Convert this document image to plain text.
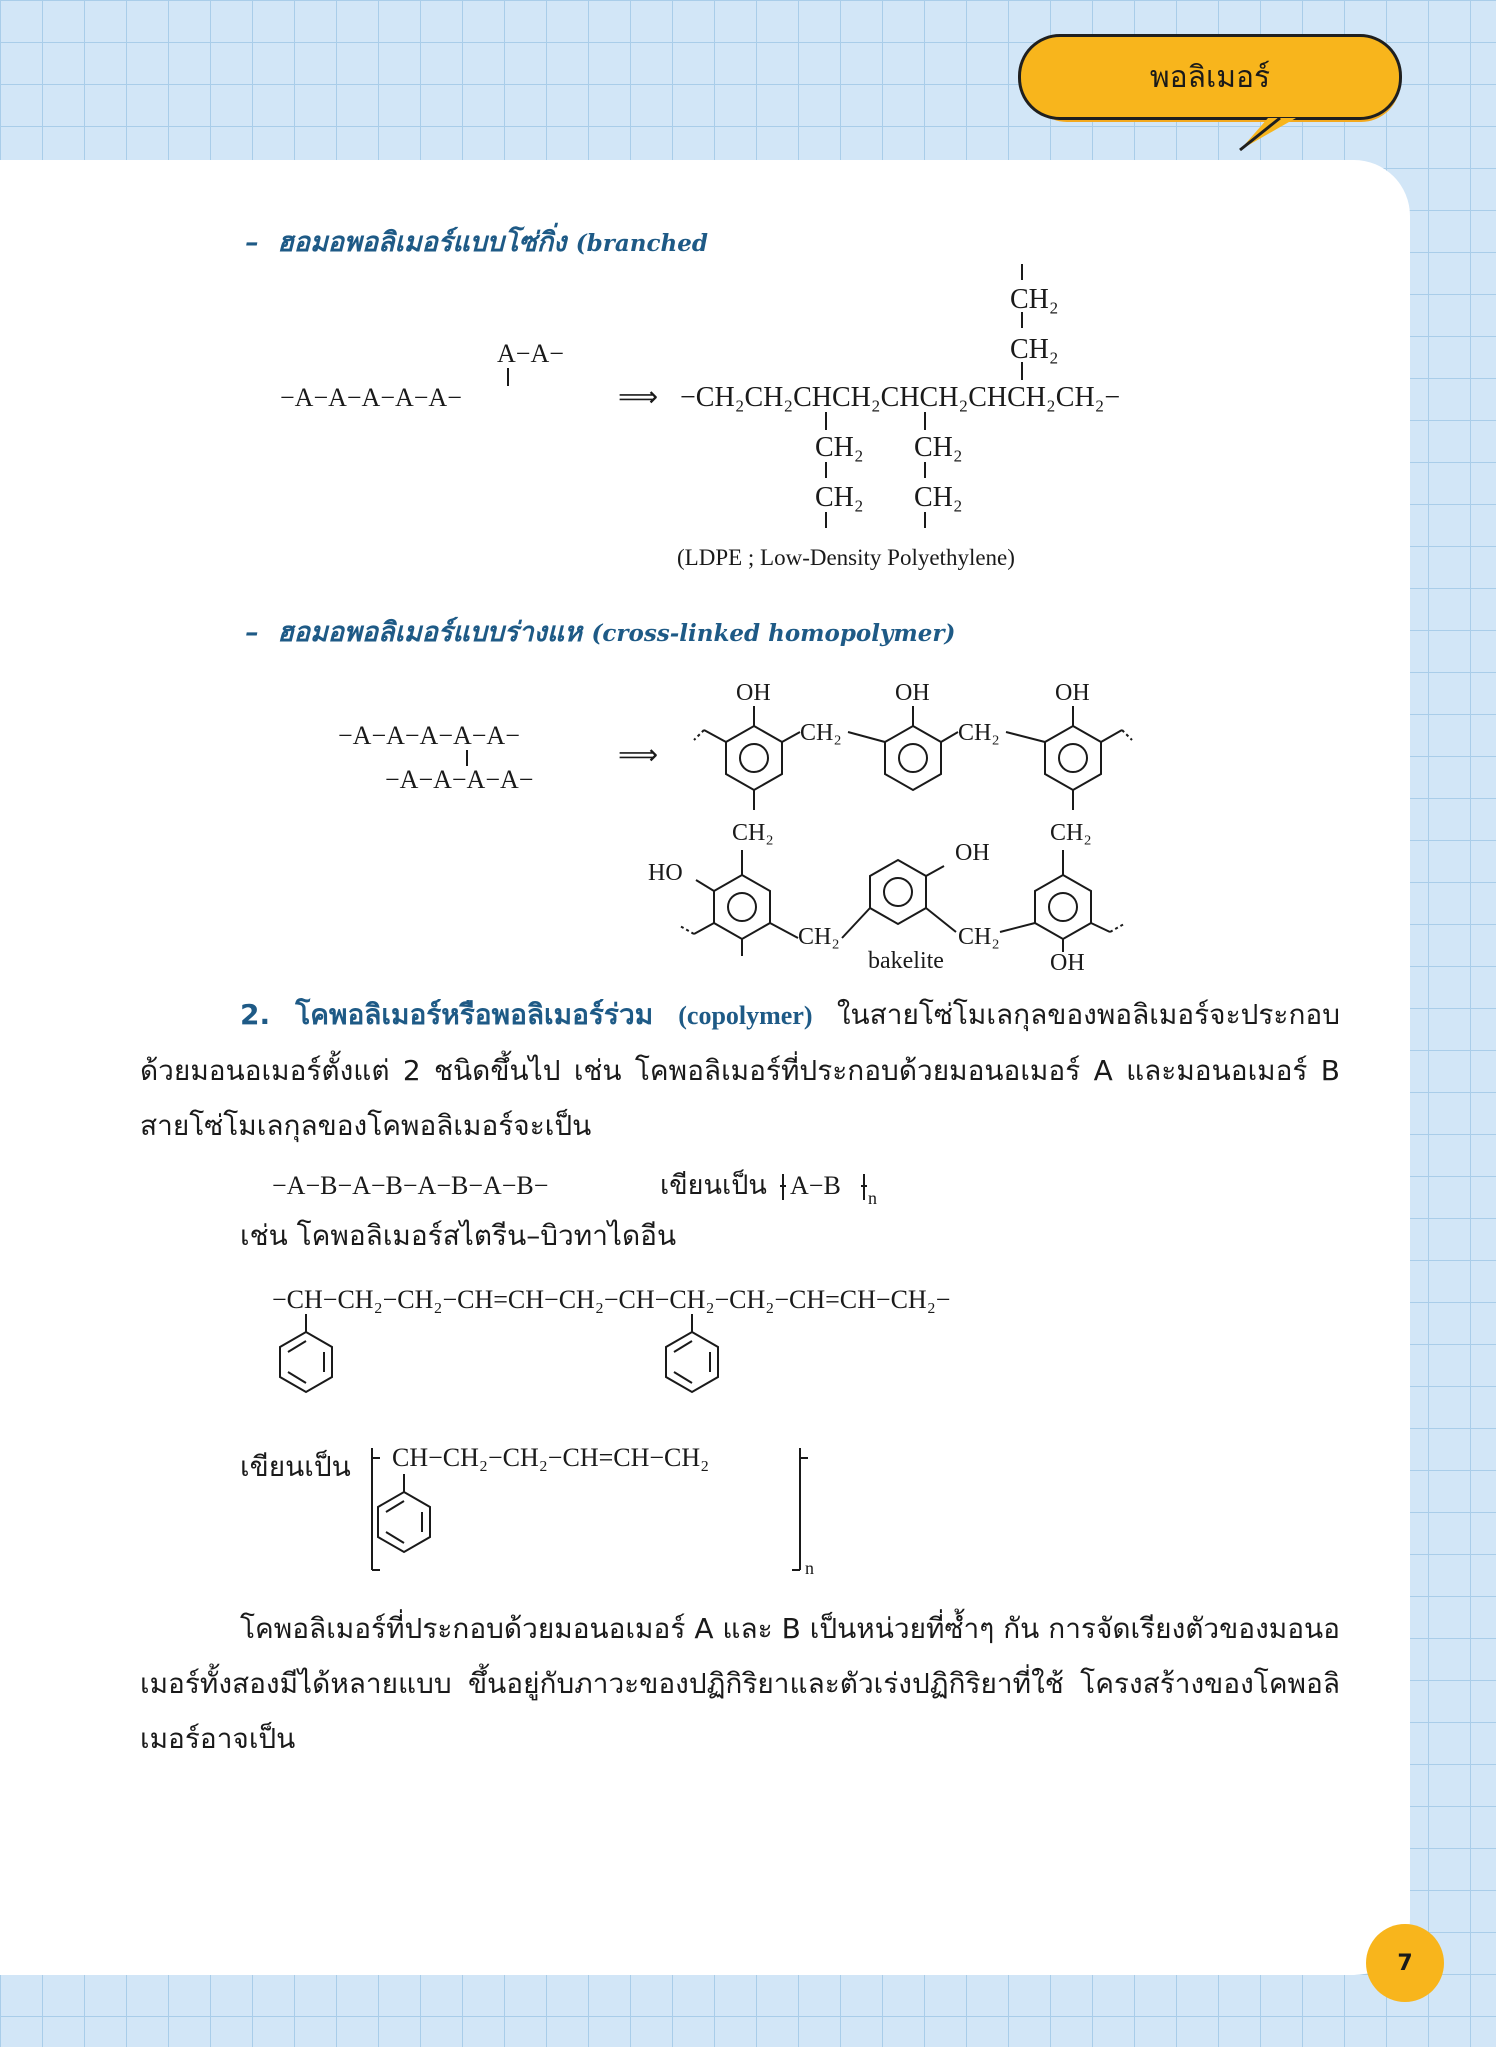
พอลิเมอร์
– ฮอมอพอลิเมอร์แบบโซ่กิ่ง (branched
−A−A−A−A−A−
A−A−
⟹ −CH₂CH₂CHCH₂CHCH₂CHCH₂CH₂−
CH₂
CH₂
CH₂
CH₂
CH₂
CH₂
(LDPE ; Low-Density Polyethylene)
– ฮอมอพอลิเมอร์แบบร่างแห (cross-linked homopolymer)
−A−A−A−A−A−
−A−A−A−A−
⟹
OH	OH	OH
CH₂	CH₂
CH₂	CH₂
HO
OH
CH₂	CH₂
bakelite	OH
2. โคพอลิเมอร์หรือพอลิเมอร์ร่วม (copolymer) ในสายโซ่โมเลกุลของพอลิเมอร์จะประกอบด้วยมอนอเมอร์ตั้งแต่ 2 ชนิดขึ้นไป เช่น โคพอลิเมอร์ที่ประกอบด้วยมอนอเมอร์ A และมอนอเมอร์ B สายโซ่โมเลกุลของโคพอลิเมอร์จะเป็น
−A−B−A−B−A−B−A−B−	เขียนเป็น A−B n
เช่น โคพอลิเมอร์สไตรีน–บิวทาไดอีน
−CH−CH₂−CH₂−CH=CH−CH₂−CH−CH₂−CH₂−CH=CH−CH₂−
เขียนเป็น CH−CH₂−CH₂−CH=CH−CH₂
n
โคพอลิเมอร์ที่ประกอบด้วยมอนอเมอร์ A และ B เป็นหน่วยที่ซ้ำๆ กัน การจัดเรียงตัวของมอนอเมอร์ทั้งสองมีได้หลายแบบ ขึ้นอยู่กับภาวะของปฏิกิริยาและตัวเร่งปฏิกิริยาที่ใช้ โครงสร้างของโคพอลิเมอร์อาจเป็น
7
